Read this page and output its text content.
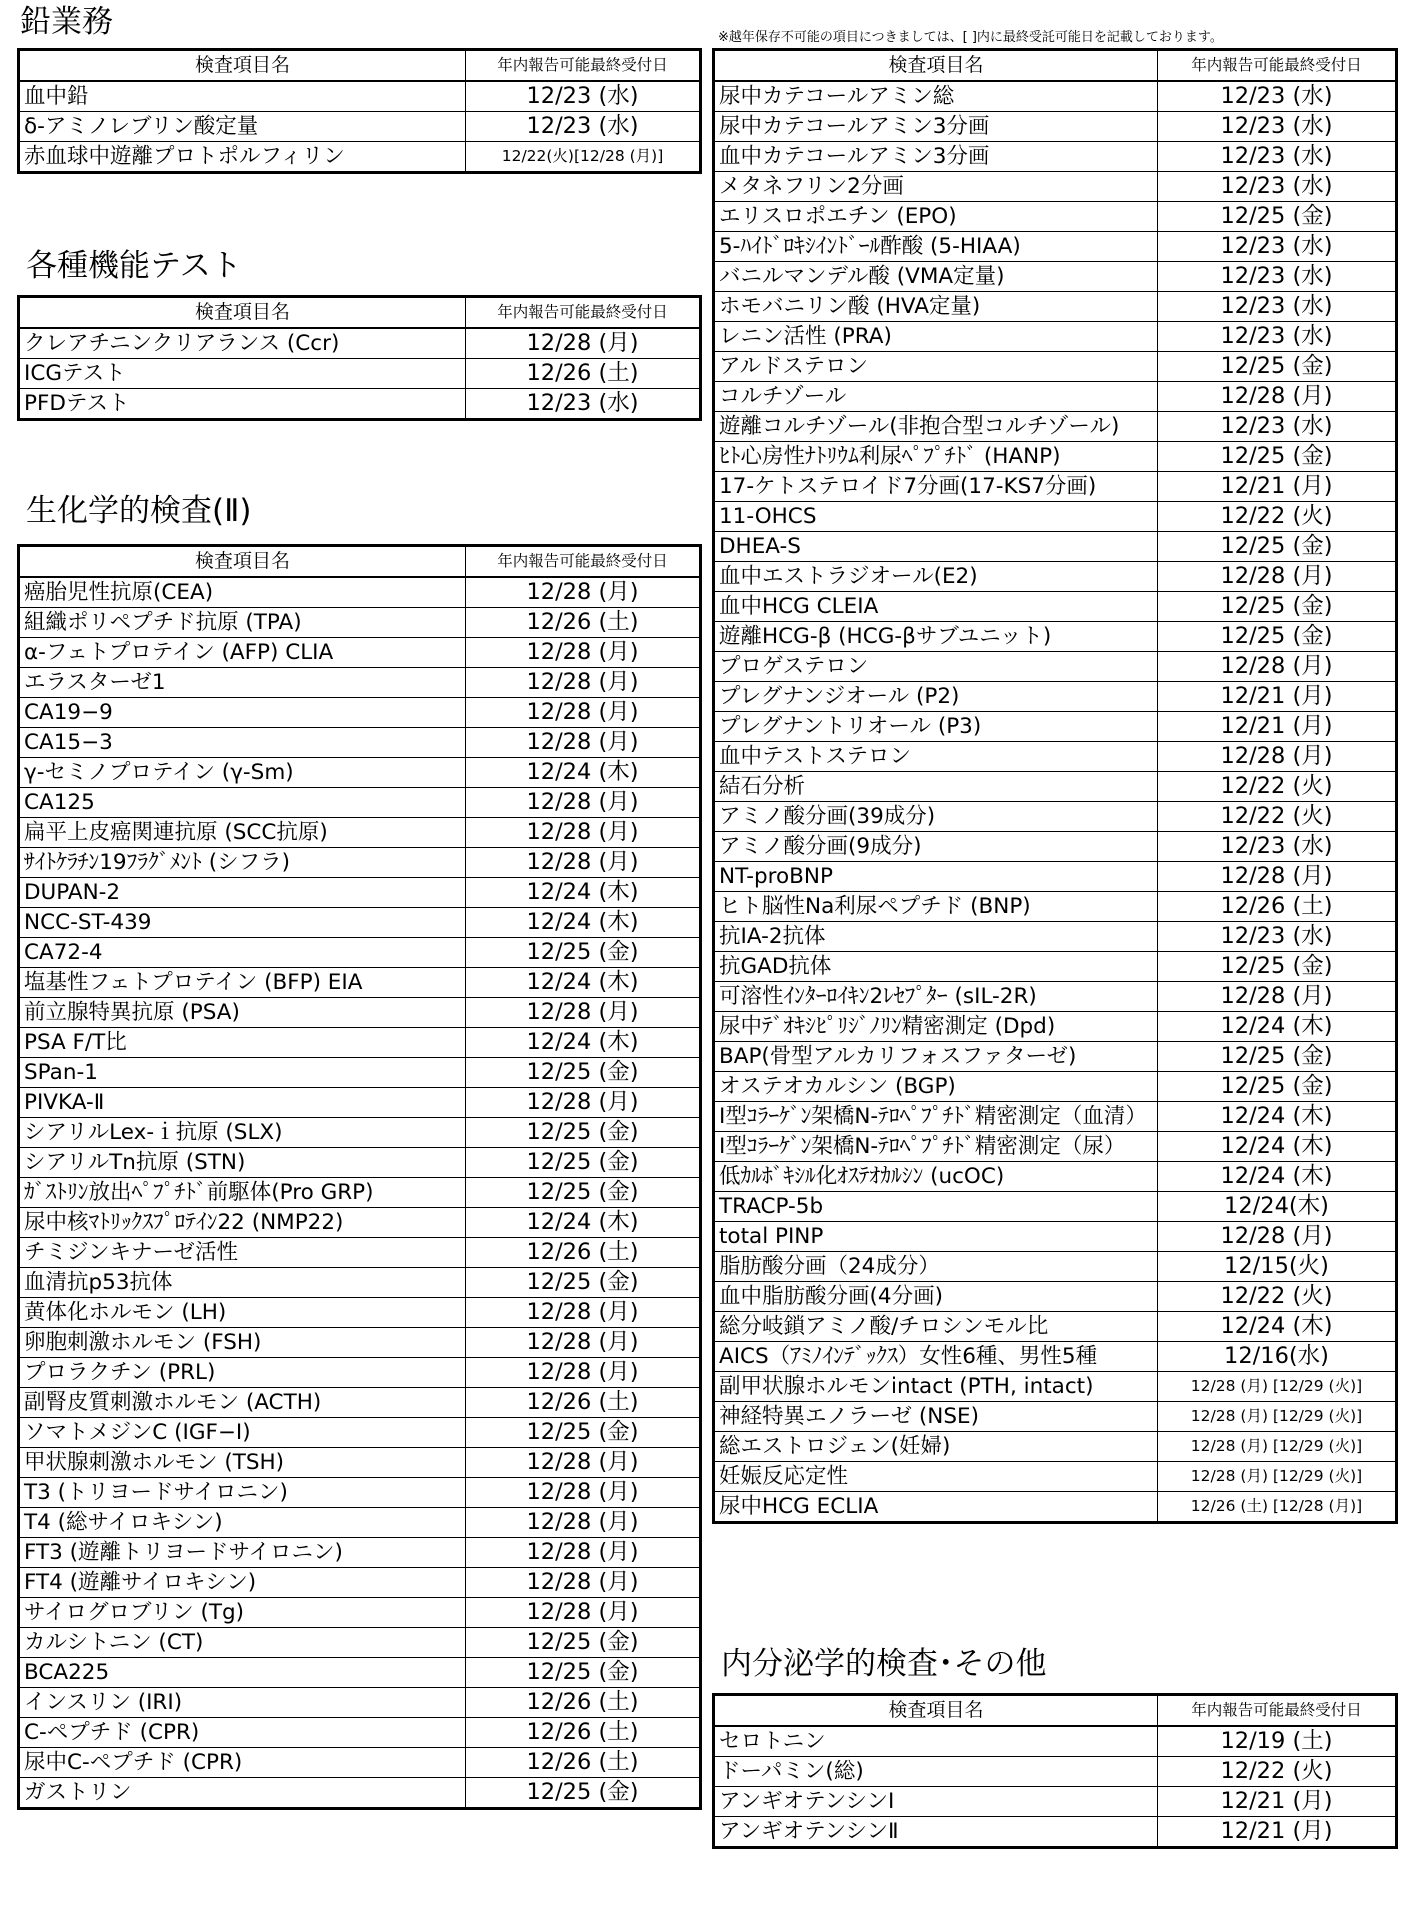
鉛業務
各種機能テスト
生化学的検査(Ⅱ)
内分泌学的検査･その他
※越年保存不可能の項目につきましては、[ ]内に最終受託可能日を記載しております。
検査項目名	年内報告可能最終受付日
血中鉛	12/23 (水)
δ-アミノレブリン酸定量	12/23 (水)
赤血球中遊離プロトポルフィリン	12/22(火)[12/28 (月)]
検査項目名	年内報告可能最終受付日
クレアチニンクリアランス (Ccr)	12/28 (月)
ICGテスト	12/26 (土)
PFDテスト	12/23 (水)
検査項目名	年内報告可能最終受付日
癌胎児性抗原(CEA)	12/28 (月)
組織ポリペプチド抗原 (TPA)	12/26 (土)
α-フェトプロテイン (AFP) CLIA	12/28 (月)
エラスターゼ1	12/28 (月)
CA19−9	12/28 (月)
CA15−3	12/28 (月)
γ-セミノプロテイン (γ-Sm)	12/24 (木)
CA125	12/28 (月)
扁平上皮癌関連抗原 (SCC抗原)	12/28 (月)
ｻｲﾄｹﾗﾁﾝ19ﾌﾗｸﾞﾒﾝﾄ (シフラ)	12/28 (月)
DUPAN-2	12/24 (木)
NCC-ST-439	12/24 (木)
CA72-4	12/25 (金)
塩基性フェトプロテイン (BFP) EIA	12/24 (木)
前立腺特異抗原 (PSA)	12/28 (月)
PSA F/T比	12/24 (木)
SPan-1	12/25 (金)
PIVKA-Ⅱ	12/28 (月)
シアリルLex-ｉ抗原 (SLX)	12/25 (金)
シアリルTn抗原 (STN)	12/25 (金)
ｶﾞｽﾄﾘﾝ放出ﾍﾟﾌﾟﾁﾄﾞ前駆体(Pro GRP)	12/25 (金)
尿中核ﾏﾄﾘｯｸｽﾌﾟﾛﾃｲﾝ22 (NMP22)	12/24 (木)
チミジンキナーゼ活性	12/26 (土)
血清抗p53抗体	12/25 (金)
黄体化ホルモン (LH)	12/28 (月)
卵胞刺激ホルモン (FSH)	12/28 (月)
プロラクチン (PRL)	12/28 (月)
副腎皮質刺激ホルモン (ACTH)	12/26 (土)
ソマトメジンC (IGF−Ⅰ)	12/25 (金)
甲状腺刺激ホルモン (TSH)	12/28 (月)
T3 (トリヨードサイロニン)	12/28 (月)
T4 (総サイロキシン)	12/28 (月)
FT3 (遊離トリヨードサイロニン)	12/28 (月)
FT4 (遊離サイロキシン)	12/28 (月)
サイログロブリン (Tg)	12/28 (月)
カルシトニン (CT)	12/25 (金)
BCA225	12/25 (金)
インスリン (IRI)	12/26 (土)
C-ペプチド (CPR)	12/26 (土)
尿中C-ペプチド (CPR)	12/26 (土)
ガストリン	12/25 (金)
検査項目名	年内報告可能最終受付日
尿中カテコールアミン総	12/23 (水)
尿中カテコールアミン3分画	12/23 (水)
血中カテコールアミン3分画	12/23 (水)
メタネフリン2分画	12/23 (水)
エリスロポエチン (EPO)	12/25 (金)
5-ﾊｲﾄﾞﾛｷｼｲﾝﾄﾞｰﾙ酢酸 (5-HIAA)	12/23 (水)
バニルマンデル酸 (VMA定量)	12/23 (水)
ホモバニリン酸 (HVA定量)	12/23 (水)
レニン活性 (PRA)	12/23 (水)
アルドステロン	12/25 (金)
コルチゾール	12/28 (月)
遊離コルチゾール(非抱合型コルチゾール)	12/23 (水)
ﾋﾄ心房性ﾅﾄﾘｳﾑ利尿ﾍﾟﾌﾟﾁﾄﾞ (HANP)	12/25 (金)
17-ケトステロイド7分画(17-KS7分画)	12/21 (月)
11-OHCS	12/22 (火)
DHEA-S	12/25 (金)
血中エストラジオール(E2)	12/28 (月)
血中HCG CLEIA	12/25 (金)
遊離HCG-β (HCG-βサブユニット)	12/25 (金)
プロゲステロン	12/28 (月)
プレグナンジオール (P2)	12/21 (月)
プレグナントリオール (P3)	12/21 (月)
血中テストステロン	12/28 (月)
結石分析	12/22 (火)
アミノ酸分画(39成分)	12/22 (火)
アミノ酸分画(9成分)	12/23 (水)
NT-proBNP	12/28 (月)
ヒト脳性Na利尿ペプチド (BNP)	12/26 (土)
抗IA-2抗体	12/23 (水)
抗GAD抗体	12/25 (金)
可溶性ｲﾝﾀｰﾛｲｷﾝ2ﾚｾﾌﾟﾀｰ (sIL-2R)	12/28 (月)
尿中ﾃﾞｵｷｼﾋﾟﾘｼﾞﾉﾘﾝ精密測定 (Dpd)	12/24 (木)
BAP(骨型アルカリフォスファターゼ)	12/25 (金)
オステオカルシン (BGP)	12/25 (金)
Ⅰ型ｺﾗｰｹﾞﾝ架橋N-ﾃﾛﾍﾟﾌﾟﾁﾄﾞ精密測定（血清）	12/24 (木)
Ⅰ型ｺﾗｰｹﾞﾝ架橋N-ﾃﾛﾍﾟﾌﾟﾁﾄﾞ精密測定（尿）	12/24 (木)
低ｶﾙﾎﾞｷｼﾙ化ｵｽﾃｵｶﾙｼﾝ (ucOC)	12/24 (木)
TRACP-5b	12/24(木)
total PINP	12/28 (月)
脂肪酸分画（24成分）	12/15(火)
血中脂肪酸分画(4分画)	12/22 (火)
総分岐鎖アミノ酸/チロシンモル比	12/24 (木)
AICS（ｱﾐﾉｲﾝﾃﾞｯｸｽ）女性6種、男性5種	12/16(水)
副甲状腺ホルモンintact (PTH, intact)	12/28 (月) [12/29 (火)]
神経特異エノラーゼ (NSE)	12/28 (月) [12/29 (火)]
総エストロジェン(妊婦)	12/28 (月) [12/29 (火)]
妊娠反応定性	12/28 (月) [12/29 (火)]
尿中HCG ECLIA	12/26 (土) [12/28 (月)]
検査項目名	年内報告可能最終受付日
セロトニン	12/19 (土)
ドーパミン(総)	12/22 (火)
アンギオテンシンⅠ	12/21 (月)
アンギオテンシンⅡ	12/21 (月)
